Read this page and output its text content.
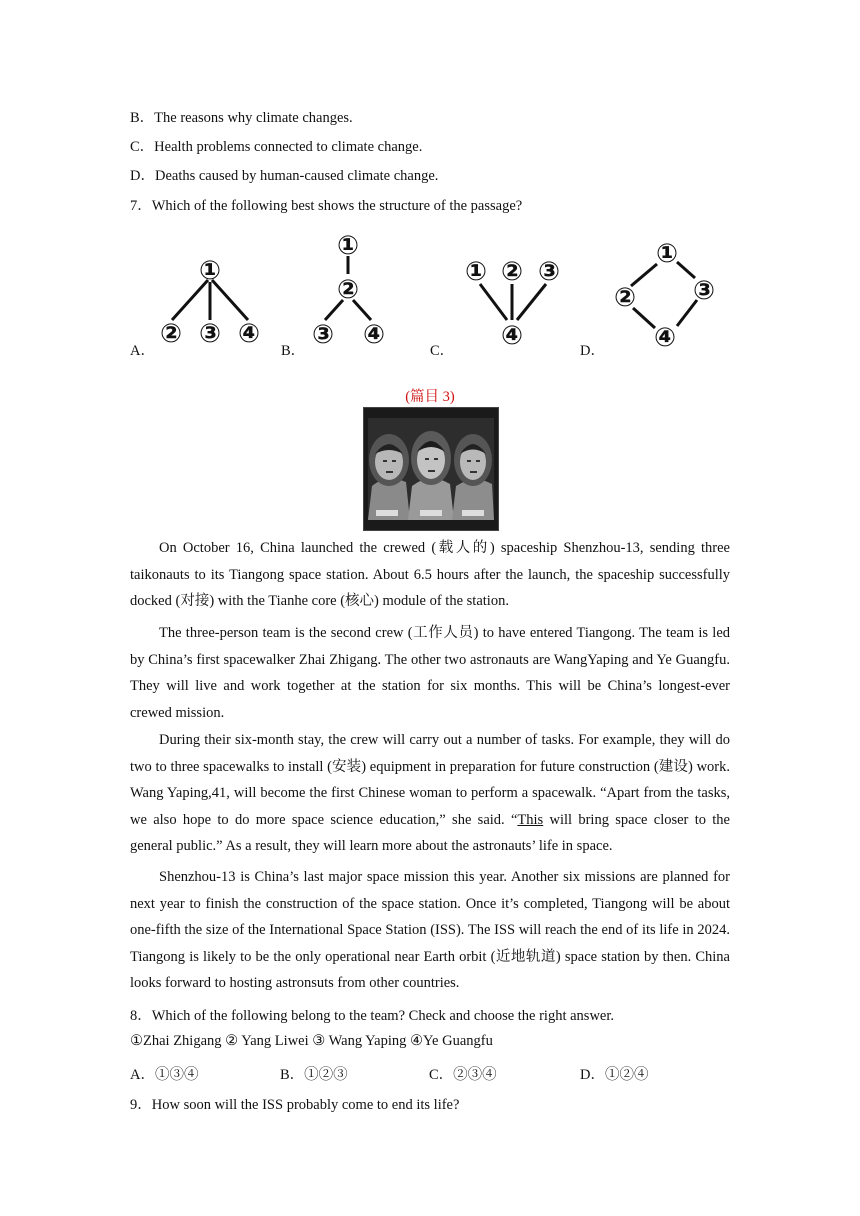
B．The reasons why climate changes.
C．Health problems connected to climate change.
D．Deaths caused by human-caused climate change.
7．Which of the following best shows the structure of the passage?
A．	B．	C．	D．
①
② ③ ④
①
②
③ ④
① ② ③
④
①
② ③
④
(篇目 3)
On October 16, China launched the crewed (载人的) spaceship Shenzhou-13, sending three taikonauts to its Tiangong space station. About 6.5 hours after the launch, the spaceship successfully docked (对接) with the Tianhe core (核心) module of the station.
The three-person team is the second crew (工作人员) to have entered Tiangong. The team is led by China’s first spacewalker Zhai Zhigang. The other two astronauts are WangYaping and Ye Guangfu. They will live and work together at the station for six months. This will be China’s longest-ever crewed mission.
During their six-month stay, the crew will carry out a number of tasks. For example, they will do two to three spacewalks to install (安装) equipment in preparation for future construction (建设) work. Wang Yaping,41, will become the first Chinese woman to perform a spacewalk. “Apart from the tasks, we also hope to do more space science education,” she said. “This will bring space closer to the general public.” As a result, they will learn more about the astronauts’ life in space.
Shenzhou-13 is China’s last major space mission this year. Another six missions are planned for next year to finish the construction of the space station. Once it’s completed, Tiangong will be about one-fifth the size of the International Space Station (ISS). The ISS will reach the end of its life in 2024. Tiangong is likely to be the only operational near Earth orbit (近地轨道) space station by then. China looks forward to hosting astronsuts from other countries.
8．Which of the following belong to the team? Check and choose the right answer.
①Zhai Zhigang ② Yang Liwei ③ Wang Yaping ④Ye Guangfu
A．①③④	B．①②③	C．②③④	D．①②④
9．How soon will the ISS probably come to end its life?
